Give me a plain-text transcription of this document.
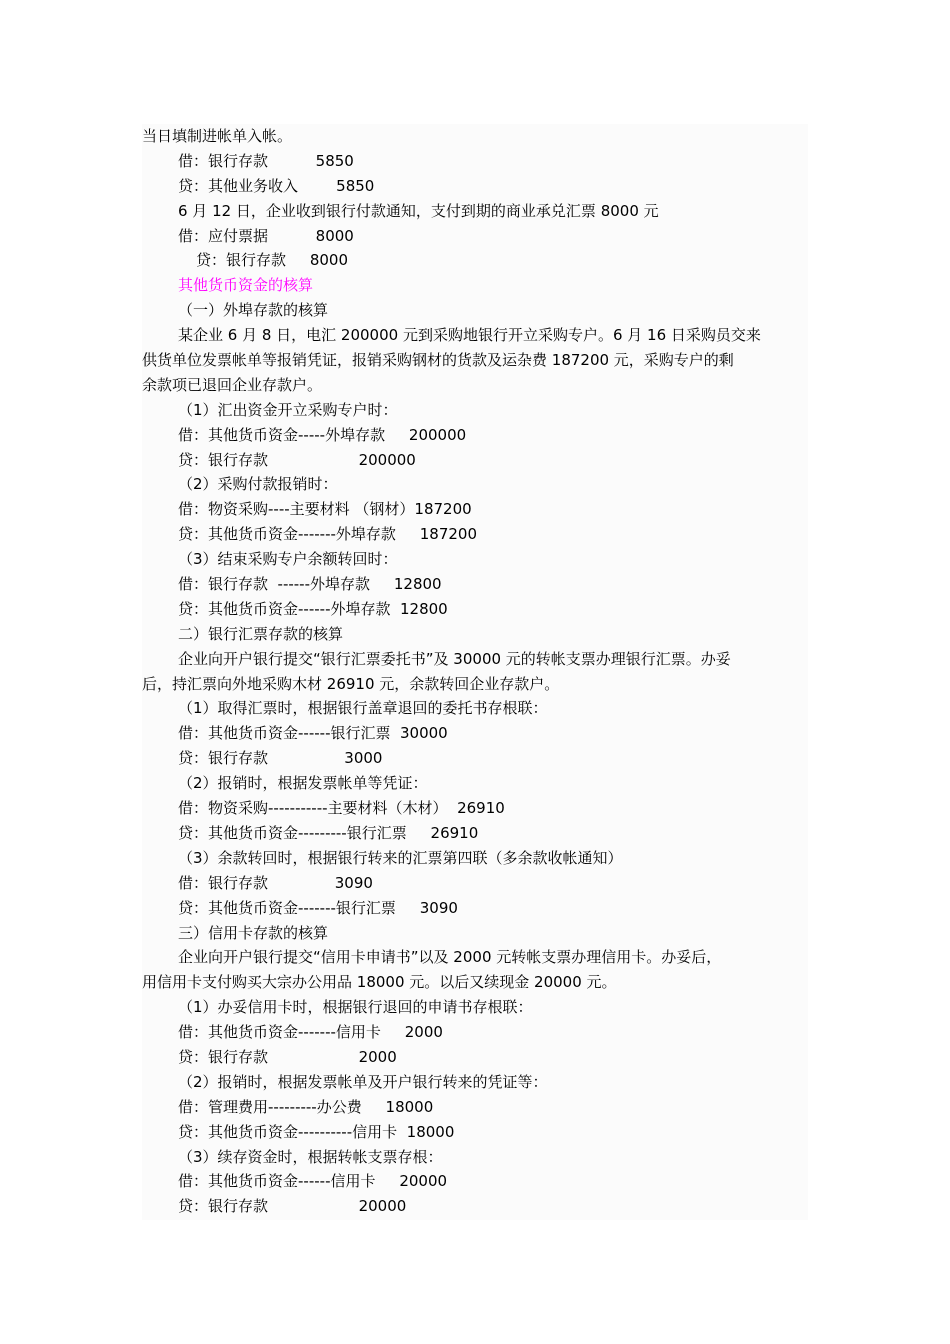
当日填制进帐单入帐。
借：银行存款          5850
贷：其他业务收入        5850
6 月 12 日，企业收到银行付款通知，支付到期的商业承兑汇票 8000 元
借：应付票据          8000
贷：银行存款     8000
其他货币资金的核算
（一）外埠存款的核算
某企业 6 月 8 日，电汇 200000 元到采购地银行开立采购专户。6 月 16 日采购员交来
供货单位发票帐单等报销凭证，报销采购钢材的货款及运杂费 187200 元，采购专户的剩
余款项已退回企业存款户。
（1）汇出资金开立采购专户时：
借：其他货币资金-----外埠存款     200000
贷：银行存款                   200000
（2）采购付款报销时：
借：物资采购----主要材料 （钢材）187200
贷：其他货币资金-------外埠存款     187200
（3）结束采购专户余额转回时：
借：银行存款  ------外埠存款     12800
贷：其他货币资金------外埠存款  12800
二）银行汇票存款的核算
企业向开户银行提交“银行汇票委托书”及 30000 元的转帐支票办理银行汇票。办妥
后，持汇票向外地采购木材 26910 元，余款转回企业存款户。
（1）取得汇票时，根据银行盖章退回的委托书存根联：
借：其他货币资金------银行汇票  30000
贷：银行存款                3000
（2）报销时，根据发票帐单等凭证：
借：物资采购-----------主要材料（木材）  26910
贷：其他货币资金---------银行汇票     26910
（3）余款转回时，根据银行转来的汇票第四联（多余款收帐通知）
借：银行存款              3090
贷：其他货币资金-------银行汇票     3090
三）信用卡存款的核算
企业向开户银行提交“信用卡申请书”以及 2000 元转帐支票办理信用卡。办妥后，
用信用卡支付购买大宗办公用品 18000 元。以后又续现金 20000 元。
（1）办妥信用卡时，根据银行退回的申请书存根联：
借：其他货币资金-------信用卡     2000
贷：银行存款                   2000
（2）报销时，根据发票帐单及开户银行转来的凭证等：
借：管理费用---------办公费     18000
贷：其他货币资金----------信用卡  18000
（3）续存资金时，根据转帐支票存根：
借：其他货币资金------信用卡     20000
贷：银行存款                   20000
